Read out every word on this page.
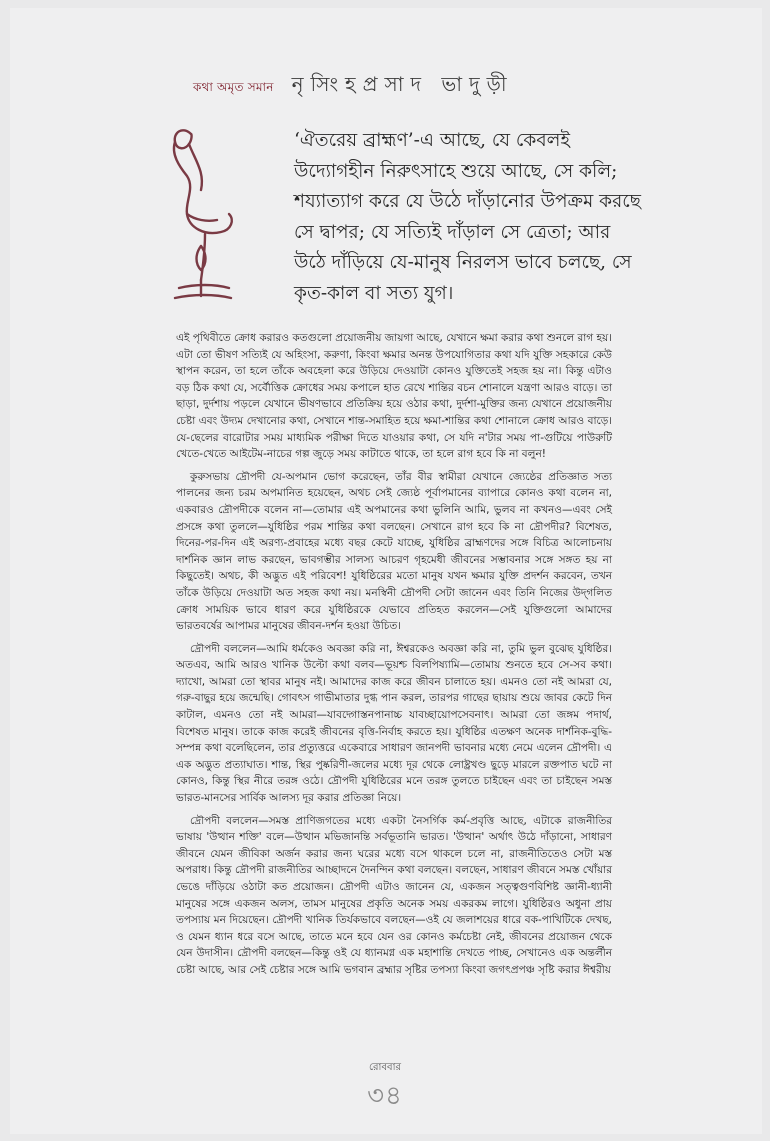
কথা অমৃত সমান নৃসিংহপ্রসাদ ভাদুড়ী

‘ঐতরেয় ব্রাহ্মণ’-এ আছে, যে কেবলই উদ্যোগহীন নিরুৎসাহে শুয়ে আছে, সে কলি; শয্যাত্যাগ করে যে উঠে দাঁড়ানোর উপক্রম করছে সে দ্বাপর; যে সত্যিই দাঁড়াল সে ত্রেতা; আর উঠে দাঁড়িয়ে যে-মানুষ নিরলস ভাবে চলছে, সে কৃত-কাল বা সত্য যুগ।

এই পৃথিবীতে ক্রোধ করারও কতগুলো প্রয়োজনীয় জায়গা আছে, যেখানে ক্ষমা করার কথা শুনলে রাগ হয়। এটা তো ভীষণ সত্যিই যে অহিংসা, করুণা, কিংবা ক্ষমার অনন্ত উপযোগিতার কথা যদি যুক্তি সহকারে কেউ স্থাপন করেন, তা হলে তাঁকে অবহেলা করে উড়িয়ে দেওয়াটা কোনও যুক্তিতেই সহজ হয় না। কিন্তু এটাও বড় ঠিক কথা যে, সর্বৌত্তিক ক্রোধের সময় কপালে হাত রেখে শান্তির বচন শোনালে যন্ত্রণা আরও বাড়ে। তা ছাড়া, দুর্দশায় পড়লে যেখানে ভীষণভাবে প্রতিক্রিয় হয়ে ওঠার কথা, দুর্দশা-মুক্তির জন্য যেখানে প্রয়োজনীয় চেষ্টা এবং উদ্যম দেখানোর কথা, সেখানে শান্ত-সমাহিত হয়ে ক্ষমা-শান্তির কথা শোনালে ক্রোধ আরও বাড়ে। যে-ছেলের বারোটার সময় মাধ্যমিক পরীক্ষা দিতে যাওয়ার কথা, সে যদি ন'টার সময় পা-গুটিয়ে পাউরুটি খেতে-খেতে আইটেম-নাচের গল্প জুড়ে সময় কাটাতে থাকে, তা হলে রাগ হবে কি না বলুন!

কুরুসভায় দ্রৌপদী যে-অপমান ভোগ করেছেন, তাঁর বীর স্বামীরা যেখানে জ্যেষ্ঠের প্রতিজ্ঞাত সত্য পালনের জন্য চরম অপমানিত হয়েছেন, অথচ সেই জ্যেষ্ঠ পূর্বাপমানের ব্যাপারে কোনও কথা বলেন না, একবারও দ্রৌপদীকে বলেন না—তোমার এই অপমানের কথা ভুলিনি আমি, ভুলব না কখনও—এবং সেই প্রসঙ্গে কথা তুললে—যুধিষ্ঠির পরম শান্তির কথা বলছেন। সেখানে রাগ হবে কি না দ্রৌপদীর? বিশেষত, দিনের-পর-দিন এই অরণ্য-প্রবাহের মধ্যে বছর কেটে যাচ্ছে, যুধিষ্ঠির ব্রাহ্মণদের সঙ্গে বিচিত্র আলোচনায় দার্শনিক জ্ঞান লাভ করছেন, ভাবগম্ভীর সালস্য আচরণ গৃহমেধী জীবনের সম্ভাবনার সঙ্গে সঙ্গত হয় না কিছুতেই। অথচ, কী অদ্ভুত এই পরিবেশ! যুধিষ্ঠিরের মতো মানুষ যখন ক্ষমার যুক্তি প্রদর্শন করবেন, তখন তাঁকে উড়িয়ে দেওয়াটা অত সহজ কথা নয়। মনস্বিনী দ্রৌপদী সেটা জানেন এবং তিনি নিজের উদ্‌গলিত ক্রোধ সাময়িক ভাবে ধারণ করে যুধিষ্ঠিরকে যেভাবে প্রতিহত করলেন—সেই যুক্তিগুলো আমাদের ভারতবর্ষের আপামর মানুষের জীবন-দর্শন হওয়া উচিত।

দ্রৌপদী বললেন—আমি ধর্মকেও অবজ্ঞা করি না, ঈশ্বরকেও অবজ্ঞা করি না, তুমি ভুল বুঝেছ যুধিষ্ঠির। অতএব, আমি আরও খানিক উল্টো কথা বলব—ভূয়শ্চ বিলপিষ্যামি—তোমায় শুনতে হবে সে-সব কথা। দ্যাখো, আমরা তো স্থাবর মানুষ নই। আমাদের কাজ করে জীবন চালাতে হয়। এমনও তো নই আমরা যে, গরু-বাছুর হয়ে জন্মেছি। গোবৎস গাভীমাতার দুগ্ধ পান করল, তারপর গাছের ছায়ায় শুয়ে জাবর কেটে দিন কাটাল, এমনও তো নই আমরা—যাবদ্গোস্তনপানাচ্চ যাবচ্ছায়োপসেবনাৎ। আমরা তো জঙ্গম পদার্থ, বিশেষত মানুষ। তাকে কাজ করেই জীবনের বৃত্তি-নির্বাহ করতে হয়। যুধিষ্ঠির এতক্ষণ অনেক দার্শনিক-বুদ্ধি-সম্পন্ন কথা বলেছিলেন, তার প্রত্যুত্তরে একেবারে সাধারণ জানপদী ভাবনার মধ্যে নেমে এলেন দ্রৌপদী। এ এক অদ্ভুত প্রত্যাঘাত। শান্ত, স্থির পুষ্করিণী-জলের মধ্যে দূর থেকে লোষ্ট্রখণ্ড ছুড়ে মারলে রক্তপাত ঘটে না কোনও, কিন্তু স্থির নীরে তরঙ্গ ওঠে। দ্রৌপদী যুধিষ্ঠিরের মনে তরঙ্গ তুলতে চাইছেন এবং তা চাইছেন সমস্ত ভারত-মানসের সার্বিক আলস্য দূর করার প্রতিজ্ঞা নিয়ে।

দ্রৌপদী বললেন—সমস্ত প্রাণিজগতের মধ্যে একটা নৈসর্গিক কর্ম-প্রবৃত্তি আছে, এটাকে রাজনীতির ভাষায় 'উত্থান শক্তি' বলে—উত্থান মভিজানন্তি সর্বভূতানি ভারত। 'উত্থান' অর্থাৎ উঠে দাঁড়ানো, সাধারণ জীবনে যেমন জীবিকা অর্জন করার জন্য ঘরের মধ্যে বসে থাকলে চলে না, রাজনীতিতেও সেটা মস্ত অপরাধ। কিন্তু দ্রৌপদী রাজনীতির আচ্ছাদনে দৈনন্দিন কথা বলছেন। বলছেন, সাধারণ জীবনে সমস্ত খোঁয়ার ভেঙে দাঁড়িয়ে ওঠাটা কত প্রয়োজন। দ্রৌপদী এটাও জানেন যে, একজন সত্ত্বগুণবিশিষ্ট জ্ঞানী-ধ্যানী মানুষের সঙ্গে একজন অলস, তামস মানুষের প্রকৃতি অনেক সময় একরকম লাগে। যুধিষ্ঠিরও অধুনা প্রায় তপস্যায় মন দিয়েছেন। দ্রৌপদী খানিক তির্যকভাবে বলছেন—ওই যে জলাশয়ের ধারে বক-পাখিটিকে দেখছ, ও যেমন ধ্যান ধরে বসে আছে, তাতে মনে হবে যেন ওর কোনও কর্মচেষ্টা নেই, জীবনের প্রয়োজন থেকে যেন উদাসীন। দ্রৌপদী বলছেন—কিন্তু ওই যে ধ্যানমগ্ন এক মহাশান্তি দেখতে পাচ্ছ, সেখানেও এক অন্তর্লীন চেষ্টা আছে, আর সেই চেষ্টার সঙ্গে আমি ভগবান ব্রহ্মার সৃষ্টির তপস্যা কিংবা জগৎপ্রপঞ্চ সৃষ্টি করার ঈশ্বরীয়

রোববার
৩৪
